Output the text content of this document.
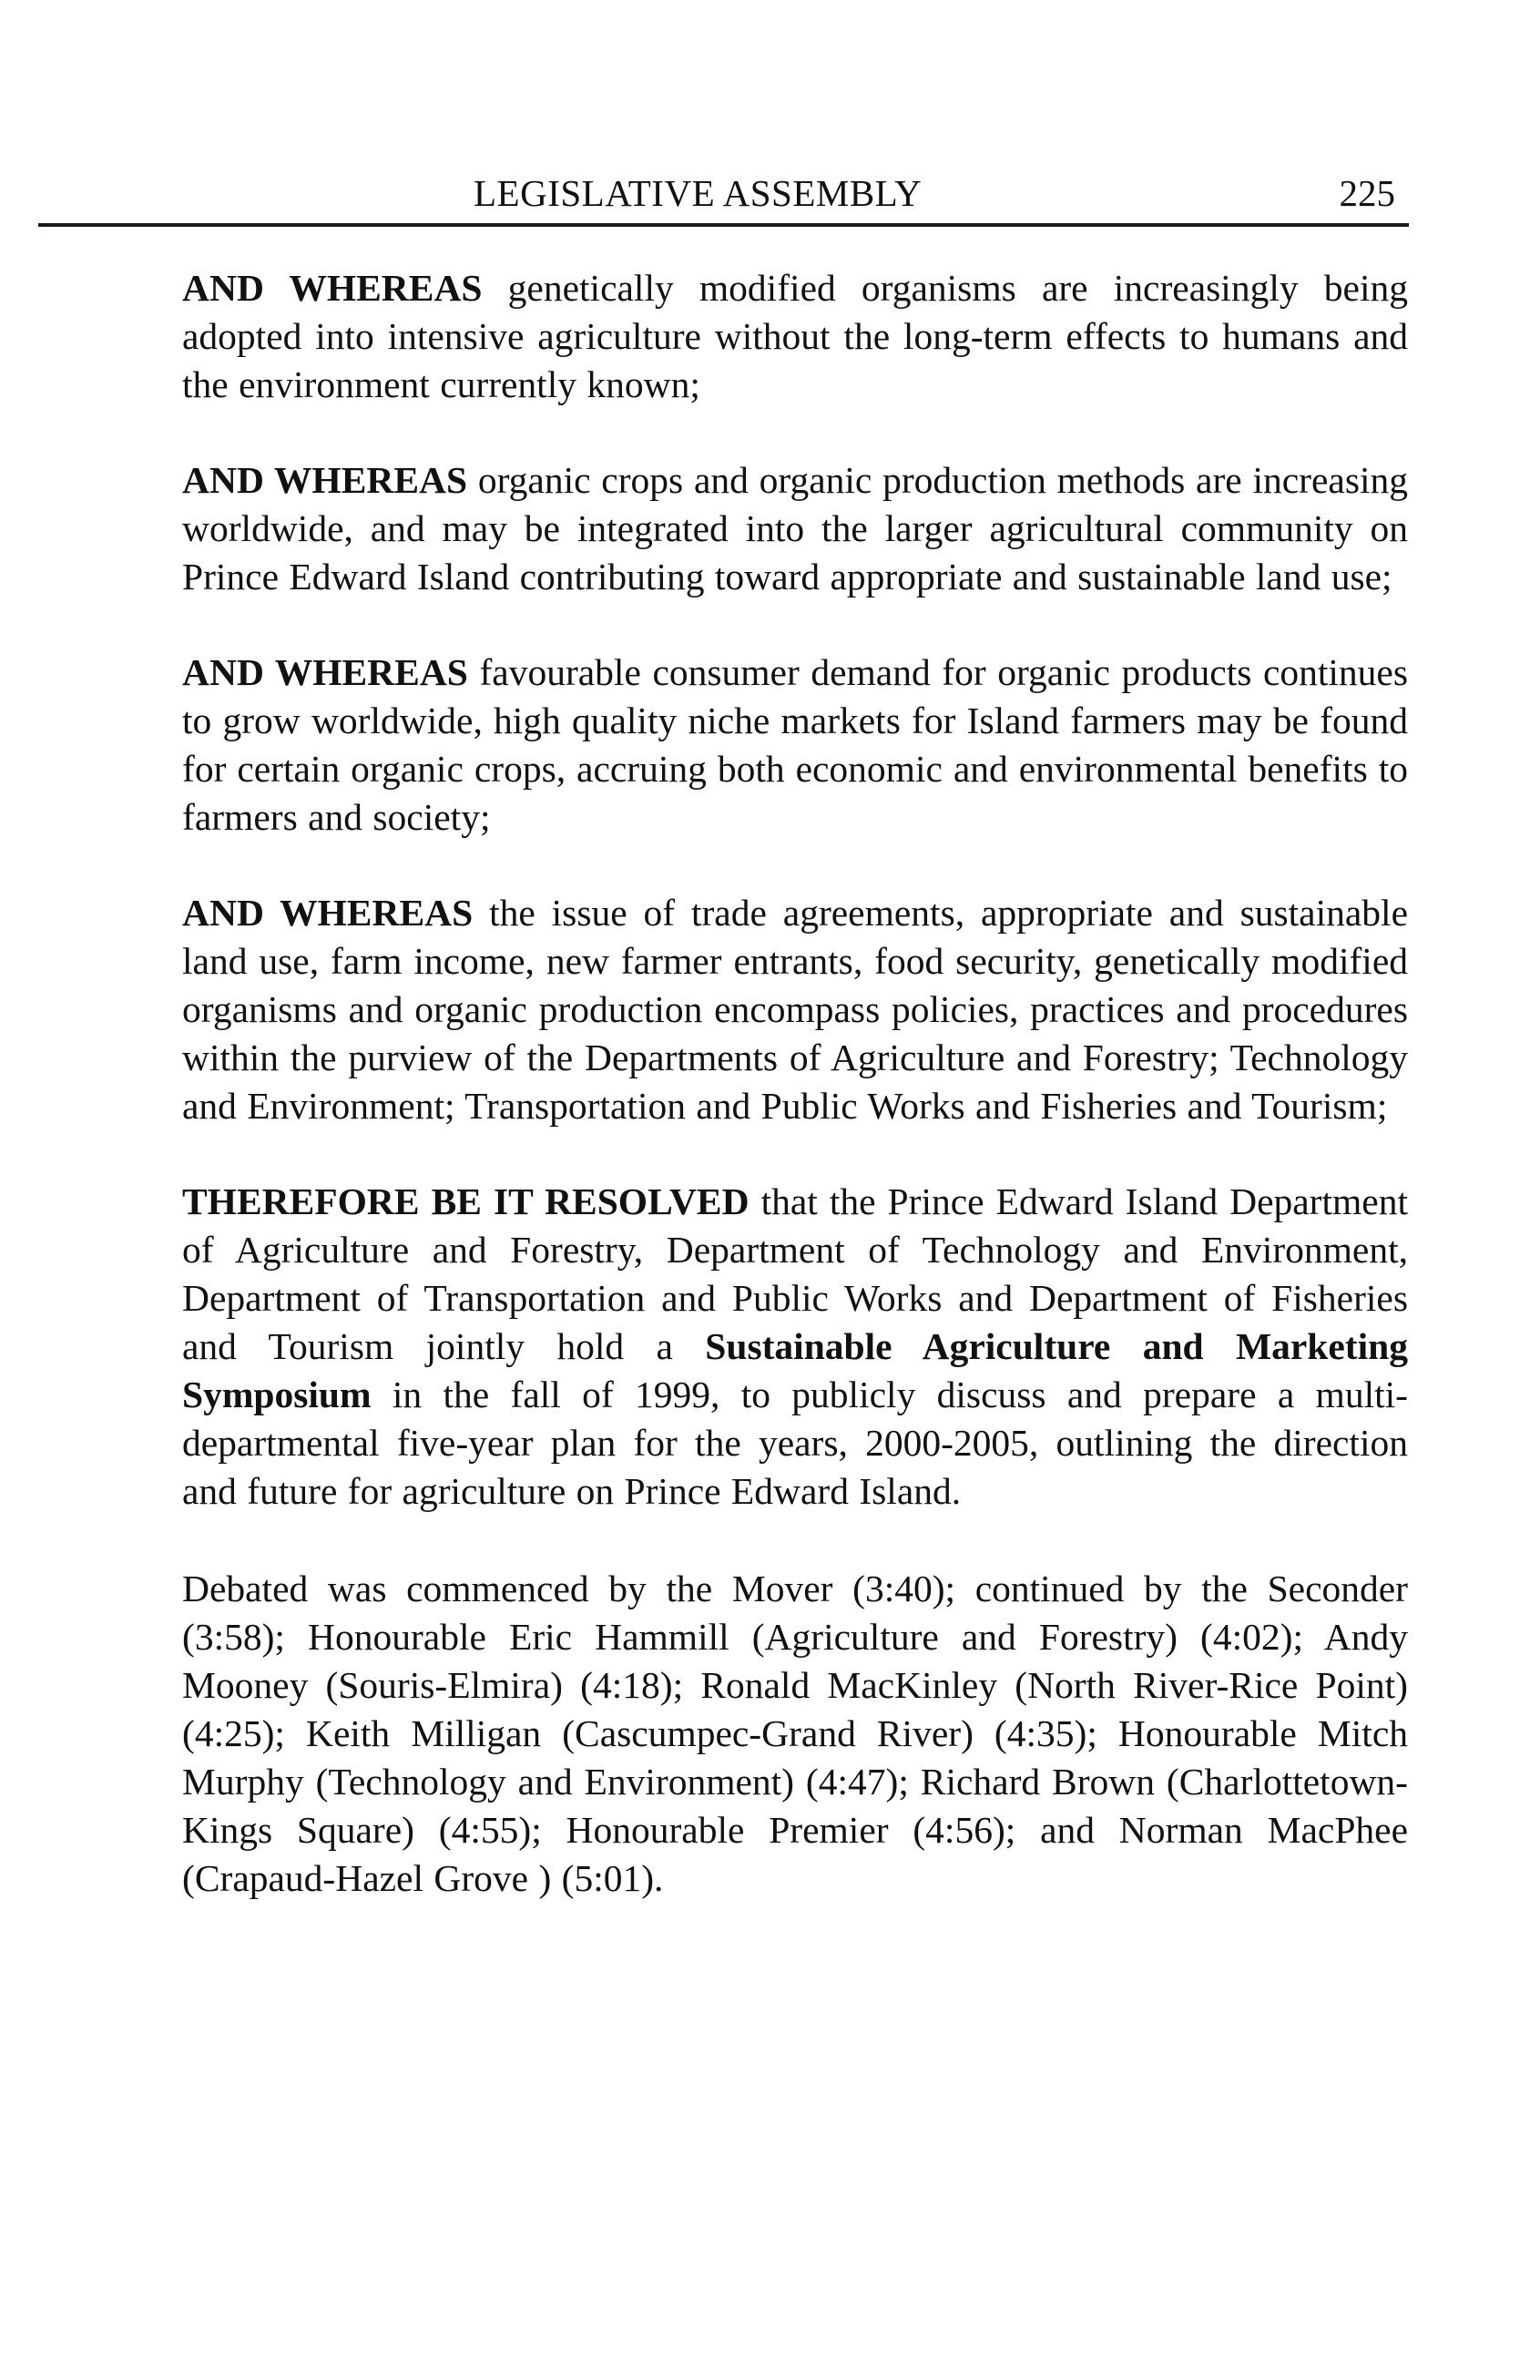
LEGISLATIVE ASSEMBLY	225

AND WHEREAS genetically modified organisms are increasingly being adopted into intensive agriculture without the long-term effects to humans and the environment currently known;

AND WHEREAS organic crops and organic production methods are increasing worldwide, and may be integrated into the larger agricultural community on Prince Edward Island contributing toward appropriate and sustainable land use;

AND WHEREAS favourable consumer demand for organic products continues to grow worldwide, high quality niche markets for Island farmers may be found for certain organic crops, accruing both economic and environmental benefits to farmers and society;

AND WHEREAS the issue of trade agreements, appropriate and sustainable land use, farm income, new farmer entrants, food security, genetically modified organisms and organic production encompass policies, practices and procedures within the purview of the Departments of Agriculture and Forestry; Technology and Environment; Transportation and Public Works and Fisheries and Tourism;

THEREFORE BE IT RESOLVED that the Prince Edward Island Department of Agriculture and Forestry, Department of Technology and Environment, Department of Transportation and Public Works and Department of Fisheries and Tourism jointly hold a Sustainable Agriculture and Marketing Symposium in the fall of 1999, to publicly discuss and prepare a multi-departmental five-year plan for the years, 2000-2005, outlining the direction and future for agriculture on Prince Edward Island.

Debated was commenced by the Mover (3:40); continued by the Seconder (3:58); Honourable Eric Hammill (Agriculture and Forestry) (4:02); Andy Mooney (Souris-Elmira) (4:18); Ronald MacKinley (North River-Rice Point) (4:25); Keith Milligan (Cascumpec-Grand River) (4:35); Honourable Mitch Murphy (Technology and Environment) (4:47); Richard Brown (Charlottetown-Kings Square) (4:55); Honourable Premier (4:56); and Norman MacPhee (Crapaud-Hazel Grove ) (5:01).
